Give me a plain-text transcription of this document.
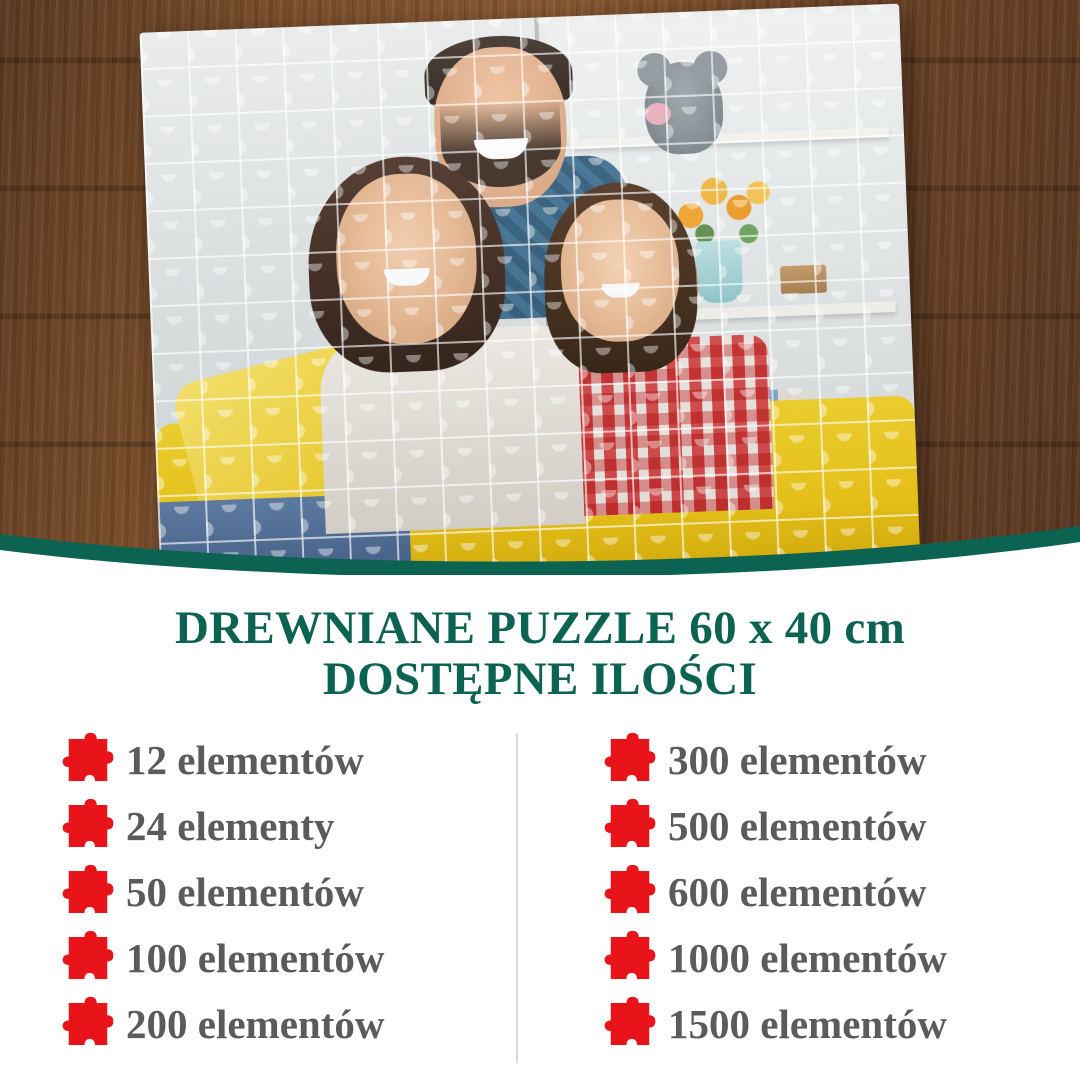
DREWNIANE PUZZLE 60 x 40 cm
DOSTĘPNE ILOŚCI
12 elementów
24 elementy
50 elementów
100 elementów
200 elementów
300 elementów
500 elementów
600 elementów
1000 elementów
1500 elementów
